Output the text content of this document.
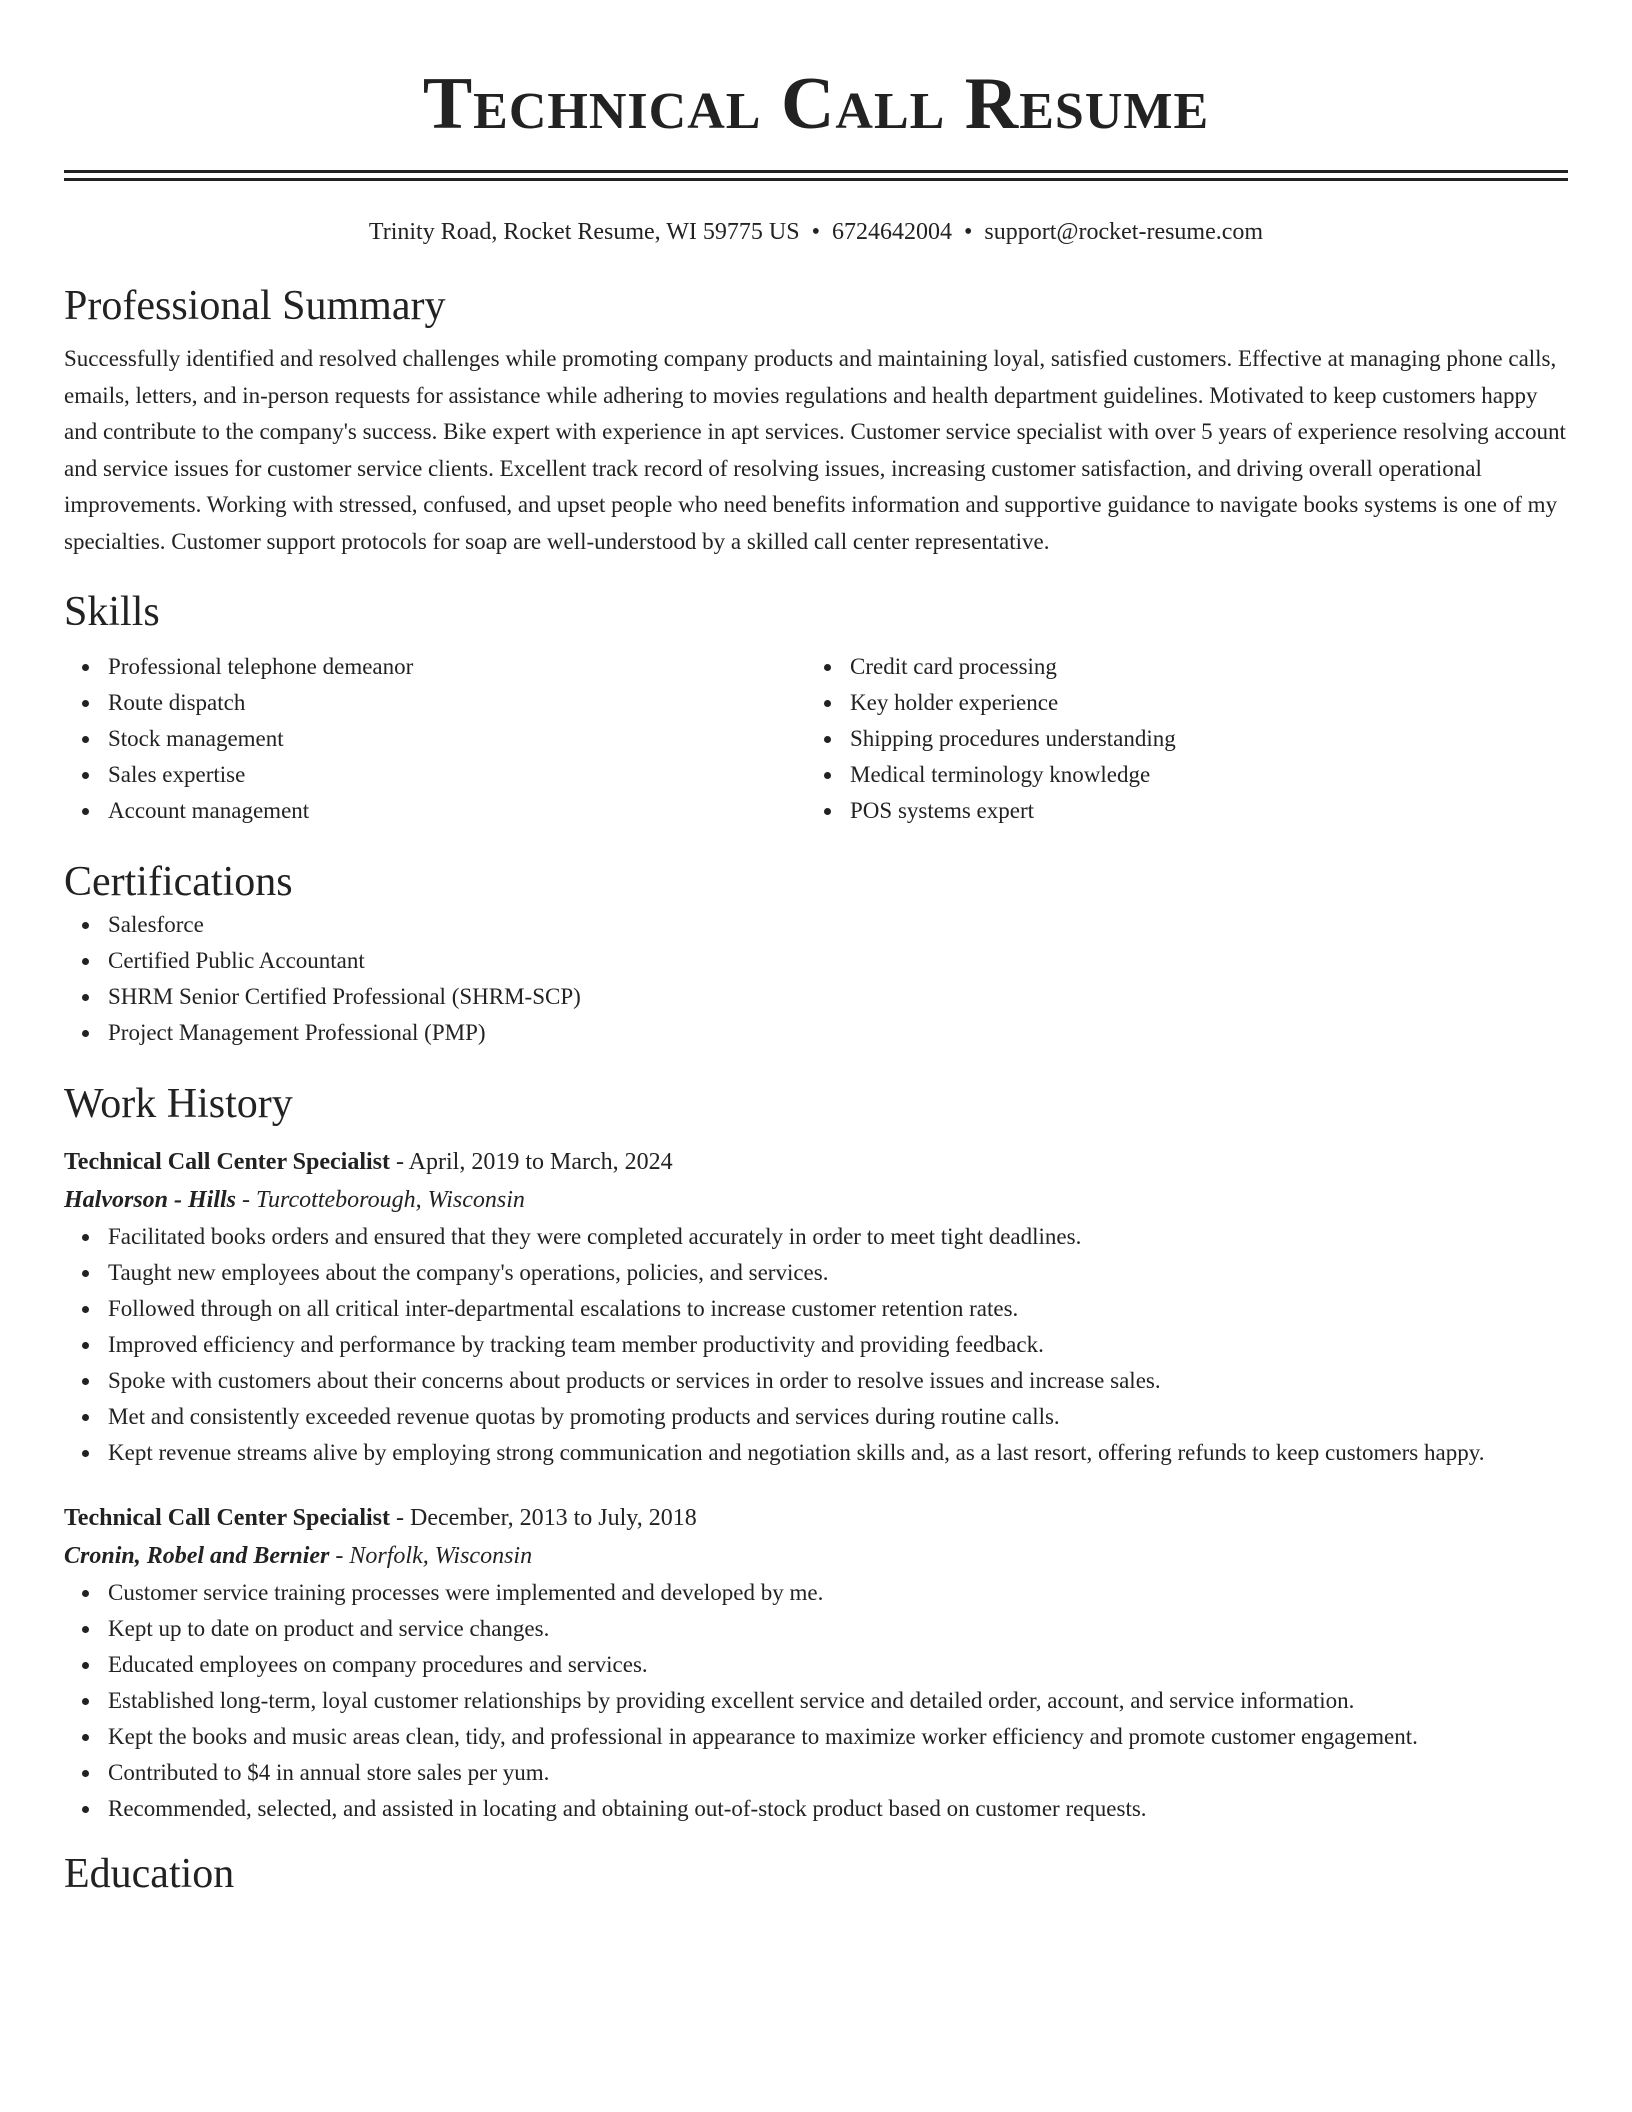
Technical Call Resume
Trinity Road, Rocket Resume, WI 59775 US • 6724642004 • support@rocket-resume.com
Professional Summary

Successfully identified and resolved challenges while promoting company products and maintaining loyal, satisfied customers. Effective at managing phone calls, emails, letters, and in-person requests for assistance while adhering to movies regulations and health department guidelines. Motivated to keep customers happy and contribute to the company's success. Bike expert with experience in apt services. Customer service specialist with over 5 years of experience resolving account and service issues for customer service clients. Excellent track record of resolving issues, increasing customer satisfaction, and driving overall operational improvements. Working with stressed, confused, and upset people who need benefits information and supportive guidance to navigate books systems is one of my specialties. Customer support protocols for soap are well-understood by a skilled call center representative.

Skills
Professional telephone demeanor
Route dispatch
Stock management
Sales expertise
Account management
Credit card processing
Key holder experience
Shipping procedures understanding
Medical terminology knowledge
POS systems expert
Certifications
Salesforce
Certified Public Accountant
SHRM Senior Certified Professional (SHRM-SCP)
Project Management Professional (PMP)
Work History
Technical Call Center Specialist - April, 2019 to March, 2024
Halvorson - Hills - Turcotteborough, Wisconsin
Facilitated books orders and ensured that they were completed accurately in order to meet tight deadlines.
Taught new employees about the company's operations, policies, and services.
Followed through on all critical inter-departmental escalations to increase customer retention rates.
Improved efficiency and performance by tracking team member productivity and providing feedback.
Spoke with customers about their concerns about products or services in order to resolve issues and increase sales.
Met and consistently exceeded revenue quotas by promoting products and services during routine calls.
Kept revenue streams alive by employing strong communication and negotiation skills and, as a last resort, offering refunds to keep customers happy.
Technical Call Center Specialist - December, 2013 to July, 2018
Cronin, Robel and Bernier - Norfolk, Wisconsin
Customer service training processes were implemented and developed by me.
Kept up to date on product and service changes.
Educated employees on company procedures and services.
Established long-term, loyal customer relationships by providing excellent service and detailed order, account, and service information.
Kept the books and music areas clean, tidy, and professional in appearance to maximize worker efficiency and promote customer engagement.
Contributed to $4 in annual store sales per yum.
Recommended, selected, and assisted in locating and obtaining out-of-stock product based on customer requests.
Education
